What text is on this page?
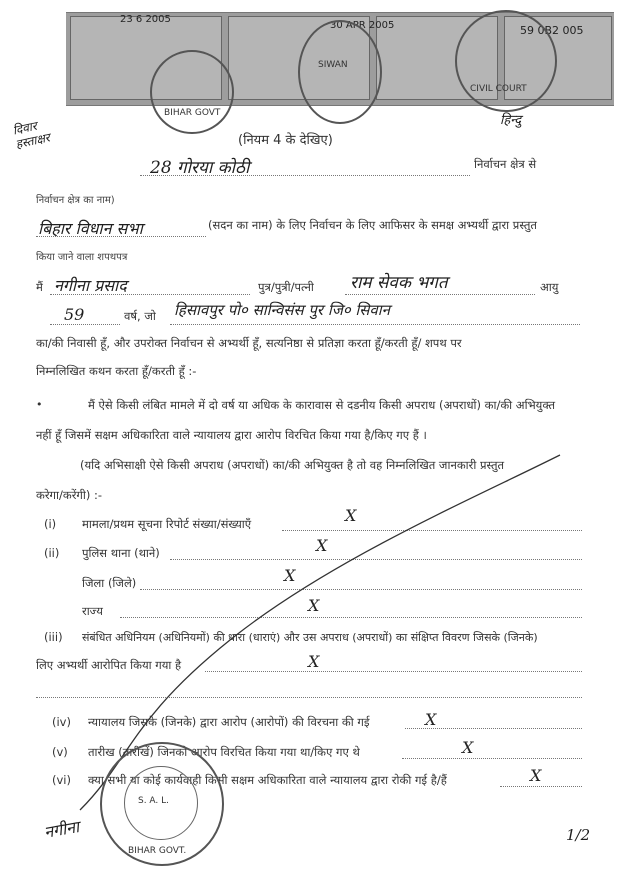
23 6 2005
30 APR 2005	59 0B2 005
BIHAR GOVT
SIWAN
CIVIL COURT
हिन्दु
दिवार
हस्ताक्षर	(नियम 4 के देखिए)
28 गोरया कोठी	निर्वाचन क्षेत्र से
निर्वाचन क्षेत्र का नाम)
बिहार विधान सभा	(सदन का नाम) के लिए निर्वाचन के लिए आफिसर के समक्ष अभ्यर्थी द्वारा प्रस्तुत
किया जाने वाला शपथपत्र
मैं नगीना प्रसाद	पुत्र/पुत्री/पत्नी राम सेवक भगत	आयु
59	वर्ष, जो हिसावपुर पो० सान्विसंस पुर जि० सिवान
का/की निवासी हूँ, और उपरोक्त निर्वाचन से अभ्यर्थी हूँ, सत्यनिष्ठा से प्रतिज्ञा करता हूँ/करती हूँ/ शपथ पर
निम्नलिखित कथन करता हूँ/करती हूँ :-
•	मैं ऐसे किसी लंबित मामले में दो वर्ष या अधिक के कारावास से दडनीय किसी अपराध (अपराधों) का/की अभियुक्त
नहीं हूँ जिसमें सक्षम अधिकारिता वाले न्यायालय द्वारा आरोप विरचित किया गया है/किए गए हैं ।
(यदि अभिसाक्षी ऐसे किसी अपराध (अपराधों) का/की अभियुक्त है तो वह निम्नलिखित जानकारी प्रस्तुत
करेगा/करेंगी) :-
(i) मामला/प्रथम सूचना रिपोर्ट संख्या/संख्याएँ	X
(ii) पुलिस थाना (थाने)	X
जिला (जिले)	X
राज्य	X
(iii) संबंधित अधिनियम (अधिनियमों) की धारा (धाराएं) और उस अपराध (अपराधों) का संक्षिप्त विवरण जिसके (जिनके)
लिए अभ्यर्थी आरोपित किया गया है	X
(iv) न्यायालय जिसके (जिनके) द्वारा आरोप (आरोपों) की विरचना की गई	X
(v) तारीख (तारीखें) जिनको आरोप विरचित किया गया था/किए गए थे	X
(vi) क्या सभी या कोई कार्यवाही किसी सक्षम अधिकारिता वाले न्यायालय द्वारा रोकी गई है/हैं	X
S. A. L.
BIHAR GOVT.
नगीना	1/2
